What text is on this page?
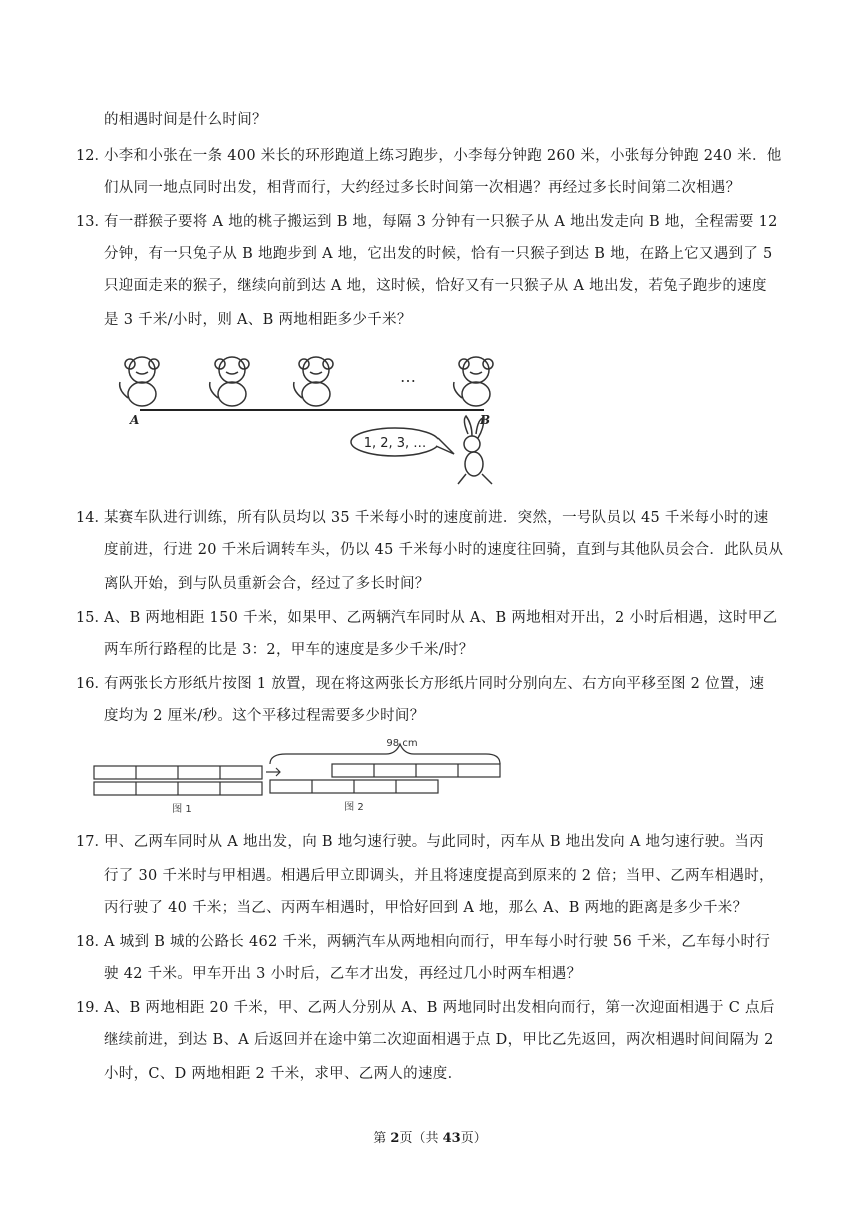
的相遇时间是什么时间？
12．
小李和小张在一条 400 米长的环形跑道上练习跑步，小李每分钟跑 260 米，小张每分钟跑 240 米．他
们从同一地点同时出发，相背而行，大约经过多长时间第一次相遇？再经过多长时间第二次相遇？
13．
有一群猴子要将 A 地的桃子搬运到 B 地，每隔 3 分钟有一只猴子从 A 地出发走向 B 地，全程需要 12
分钟，有一只兔子从 B 地跑步到 A 地，它出发的时候，恰有一只猴子到达 B 地，在路上它又遇到了 5
只迎面走来的猴子，继续向前到达 A 地，这时候，恰好又有一只猴子从 A 地出发，若兔子跑步的速度
是 3 千米/小时，则 A、B 两地相距多少千米？
…
A	B
1, 2, 3, …
14．
某赛车队进行训练，所有队员均以 35 千米每小时的速度前进．突然，一号队员以 45 千米每小时的速
度前进，行进 20 千米后调转车头，仍以 45 千米每小时的速度往回骑，直到与其他队员会合．此队员从
离队开始，到与队员重新会合，经过了多长时间？
15．
A、B 两地相距 150 千米，如果甲、乙两辆汽车同时从 A、B 两地相对开出，2 小时后相遇，这时甲乙
两车所行路程的比是 3：2，甲车的速度是多少千米/时？
16．
有两张长方形纸片按图 1 放置，现在将这两张长方形纸片同时分别向左、右方向平移至图 2 位置，速
度均为 2 厘米/秒。这个平移过程需要多少时间？
98 cm
图 1	图 2
17．
甲、乙两车同时从 A 地出发，向 B 地匀速行驶。与此同时，丙车从 B 地出发向 A 地匀速行驶。当丙
行了 30 千米时与甲相遇。相遇后甲立即调头，并且将速度提高到原来的 2 倍；当甲、乙两车相遇时，
丙行驶了 40 千米；当乙、丙两车相遇时，甲恰好回到 A 地，那么 A、B 两地的距离是多少千米？
18．
A 城到 B 城的公路长 462 千米，两辆汽车从两地相向而行，甲车每小时行驶 56 千米，乙车每小时行
驶 42 千米。甲车开出 3 小时后，乙车才出发，再经过几小时两车相遇？
19．
A、B 两地相距 20 千米，甲、乙两人分别从 A、B 两地同时出发相向而行，第一次迎面相遇于 C 点后
继续前进，到达 B、A 后返回并在途中第二次迎面相遇于点 D，甲比乙先返回，两次相遇时间间隔为 2
小时，C、D 两地相距 2 千米，求甲、乙两人的速度．
第 2页（共 43页）
